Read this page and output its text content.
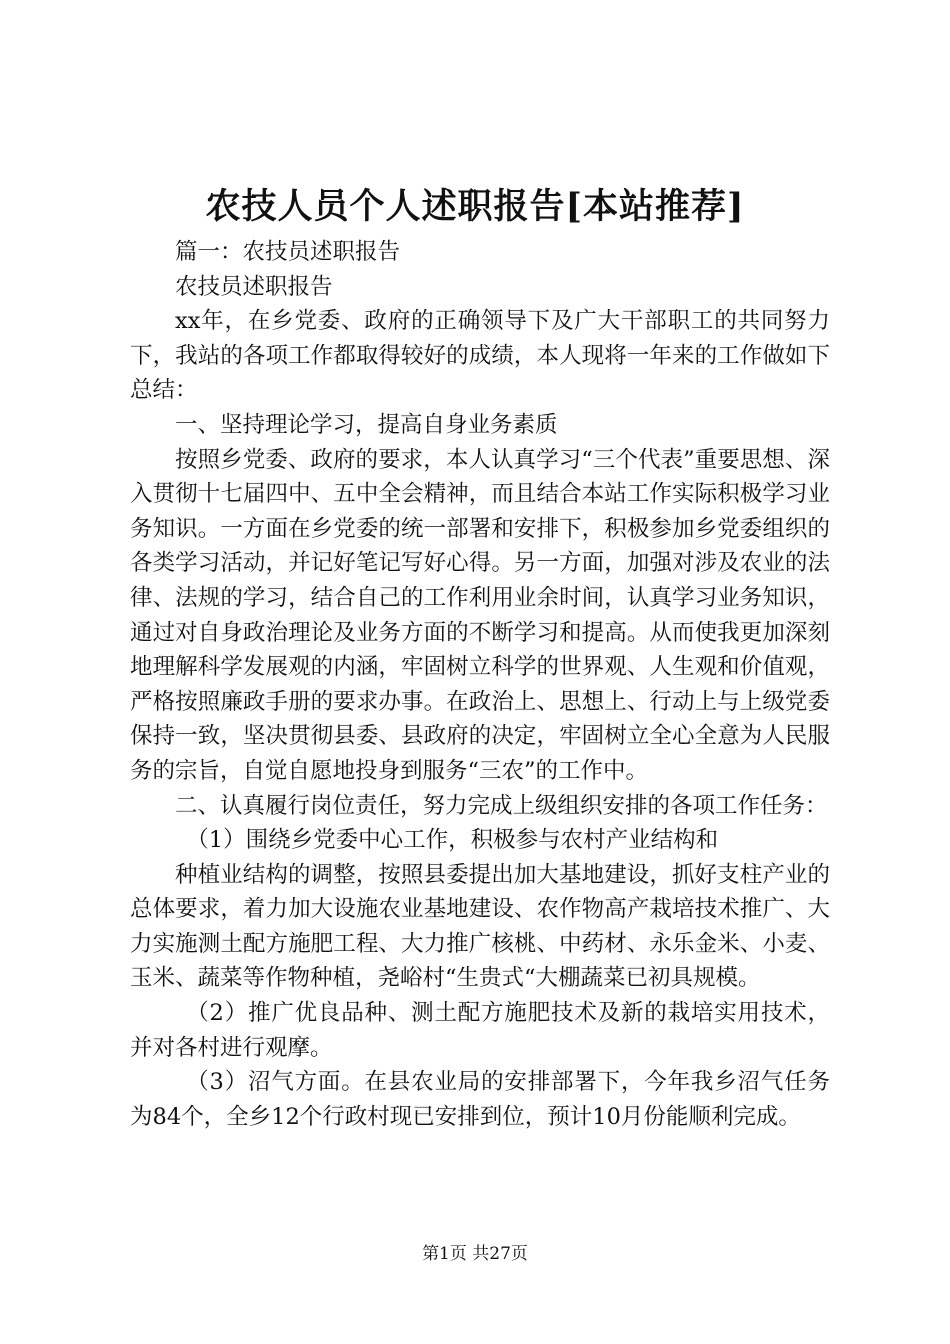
农技人员个人述职报告[本站推荐]

篇一：农技员述职报告

农技员述职报告

xx年，在乡党委、政府的正确领导下及广大干部职工的共同努力下，我站的各项工作都取得较好的成绩，本人现将一年来的工作做如下总结：

一、坚持理论学习，提高自身业务素质

按照乡党委、政府的要求，本人认真学习“三个代表”重要思想、深入贯彻十七届四中、五中全会精神，而且结合本站工作实际积极学习业务知识。一方面在乡党委的统一部署和安排下，积极参加乡党委组织的各类学习活动，并记好笔记写好心得。另一方面，加强对涉及农业的法律、法规的学习，结合自己的工作利用业余时间，认真学习业务知识，通过对自身政治理论及业务方面的不断学习和提高。从而使我更加深刻地理解科学发展观的内涵，牢固树立科学的世界观、人生观和价值观，严格按照廉政手册的要求办事。在政治上、思想上、行动上与上级党委保持一致，坚决贯彻县委、县政府的决定，牢固树立全心全意为人民服务的宗旨，自觉自愿地投身到服务“三农”的工作中。

二、认真履行岗位责任，努力完成上级组织安排的各项工作任务：

（1）围绕乡党委中心工作，积极参与农村产业结构和

种植业结构的调整，按照县委提出加大基地建设，抓好支柱产业的总体要求，着力加大设施农业基地建设、农作物高产栽培技术推广、大力实施测土配方施肥工程、大力推广核桃、中药材、永乐金米、小麦、玉米、蔬菜等作物种植，尧峪村“生贵式“大棚蔬菜已初具规模。

（2）推广优良品种、测土配方施肥技术及新的栽培实用技术，并对各村进行观摩。

（3）沼气方面。在县农业局的安排部署下，今年我乡沼气任务为84个，全乡12个行政村现已安排到位，预计10月份能顺利完成。

第1页 共27页
